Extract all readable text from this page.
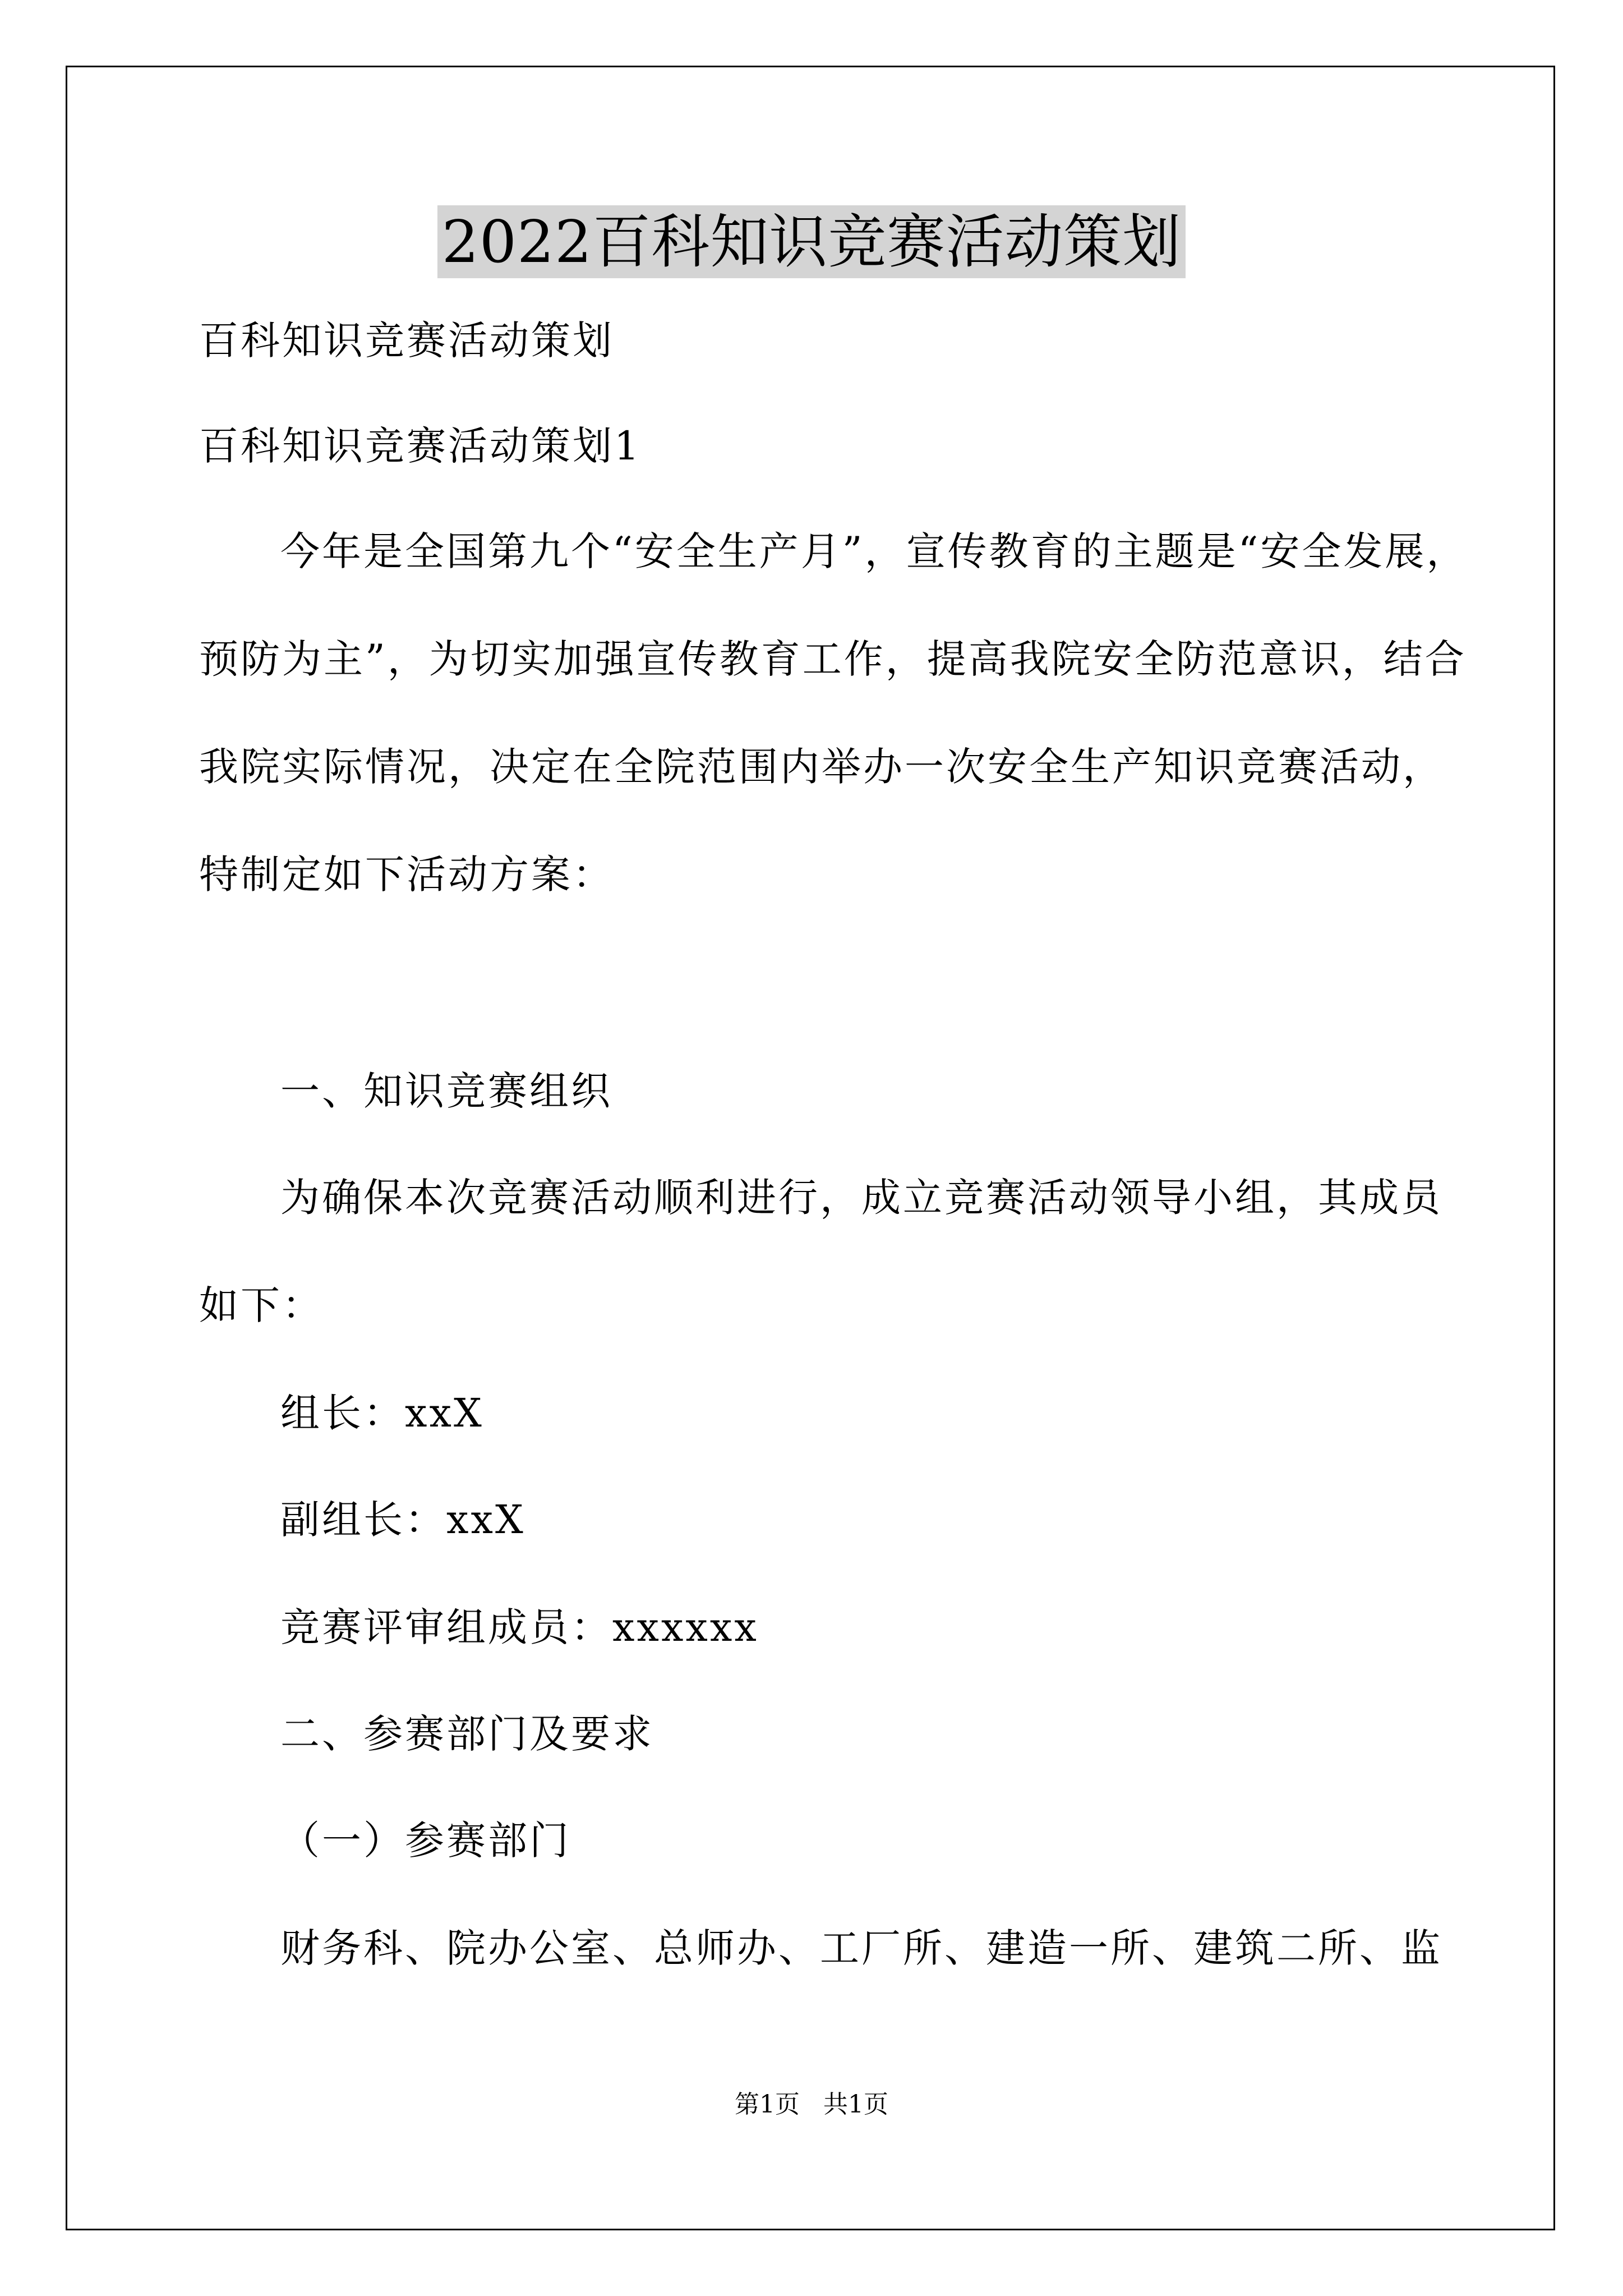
2022百科知识竞赛活动策划
百科知识竞赛活动策划
百科知识竞赛活动策划1
今年是全国第九个“安全生产月”，宣传教育的主题是“安全发展，
预防为主”，为切实加强宣传教育工作，提高我院安全防范意识，结合
我院实际情况，决定在全院范围内举办一次安全生产知识竞赛活动，
特制定如下活动方案：
一、知识竞赛组织
为确保本次竞赛活动顺利进行，成立竞赛活动领导小组，其成员
如下：
组长：xxX
副组长：xxX
竞赛评审组成员：xxxxxx
二、参赛部门及要求
（一）参赛部门
财务科、院办公室、总师办、工厂所、建造一所、建筑二所、监
第1页   共1页
